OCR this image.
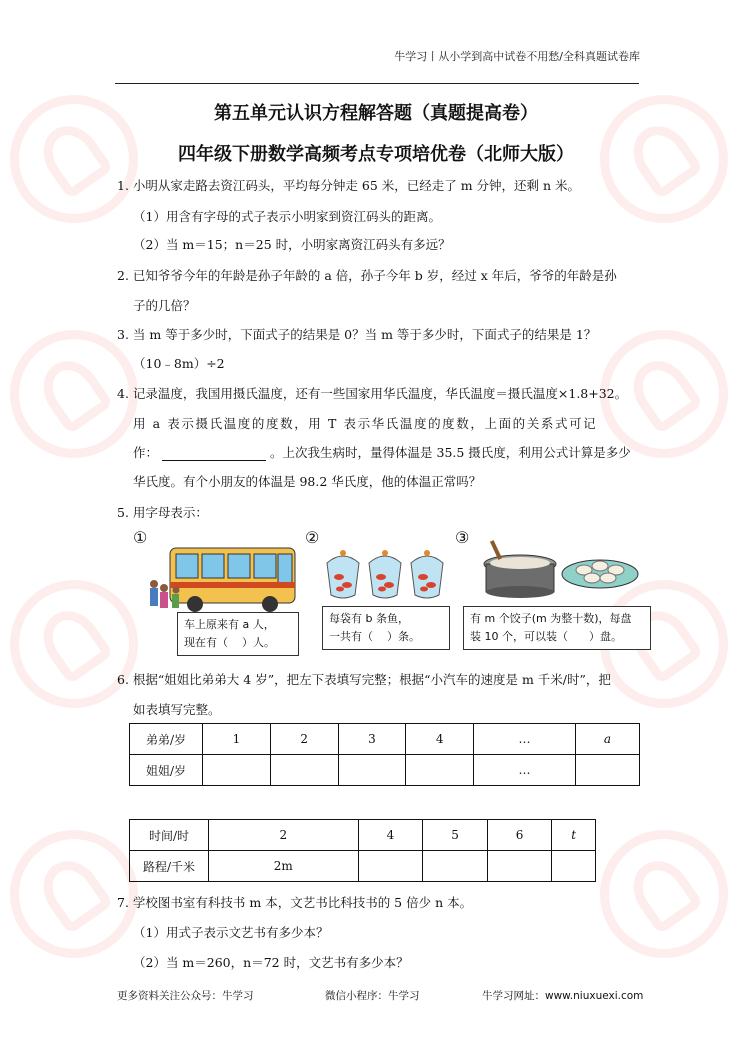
牛学习丨从小学到高中试卷不用愁/全科真题试卷库
第五单元认识方程解答题（真题提高卷）
四年级下册数学高频考点专项培优卷（北师大版）
1. 小明从家走路去资江码头，平均每分钟走 65 米，已经走了 m 分钟，还剩 n 米。
（1）用含有字母的式子表示小明家到资江码头的距离。
（2）当 m＝15；n＝25 时，小明家离资江码头有多远？
2. 已知爷爷今年的年龄是孙子年龄的 a 倍，孙子今年 b 岁，经过 x 年后，爷爷的年龄是孙
子的几倍？
3. 当 m 等于多少时，下面式子的结果是 0？当 m 等于多少时，下面式子的结果是 1？
（10﹣8m）÷2
4. 记录温度，我国用摄氏温度，还有一些国家用华氏温度，华氏温度＝摄氏温度×1.8+32。
用 a 表示摄氏温度的度数，用 T 表示华氏温度的度数，上面的关系式可记
作：	。上次我生病时，量得体温是 35.5 摄氏度，利用公式计算是多少
华氏度。有个小朋友的体温是 98.2 华氏度，他的体温正常吗？
5. 用字母表示：
①	②	③
车上原来有 a 人，
现在有（    ）人。
每袋有 b 条鱼，
一共有（    ）条。
有 m 个饺子(m 为整十数)，每盘
装 10 个，可以装（      ）盘。
6. 根据“姐姐比弟弟大 4 岁”，把左下表填写完整；根据“小汽车的速度是 m 千米/时”，把
如表填写完整。
弟弟/岁	1	2	3	4	…	a
姐姐/岁					…	
时间/时	2	4	5	6	t
路程/千米	2m				
7. 学校图书室有科技书 m 本，文艺书比科技书的 5 倍少 n 本。
（1）用式子表示文艺书有多少本？
（2）当 m＝260，n＝72 时，文艺书有多少本？
更多资料关注公众号：牛学习	微信小程序：牛学习	牛学习网址：www.niuxuexi.com
